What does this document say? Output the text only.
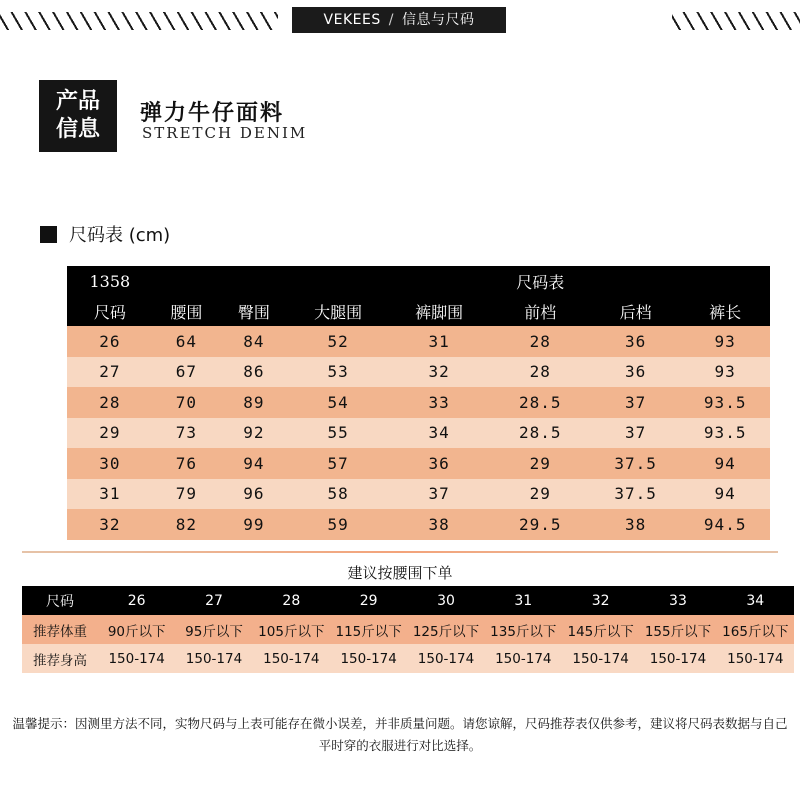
VEKEES / 信息与尺码
产品
信息
弹力牛仔面料
STRETCH DENIM
尺码表 (cm)
1358					尺码表		
尺码	腰围	臀围	大腿围	裤脚围	前档	后档	裤长
26	64	84	52	31	28	36	93
27	67	86	53	32	28	36	93
28	70	89	54	33	28.5	37	93.5
29	73	92	55	34	28.5	37	93.5
30	76	94	57	36	29	37.5	94
31	79	96	58	37	29	37.5	94
32	82	99	59	38	29.5	38	94.5
建议按腰围下单
尺码	26	27	28	29	30	31	32	33	34
推荐体重	90斤以下	95斤以下	105斤以下	115斤以下	125斤以下	135斤以下	145斤以下	155斤以下	165斤以下
推荐身高	150-174	150-174	150-174	150-174	150-174	150-174	150-174	150-174	150-174
温馨提示：因测里方法不同，实物尺码与上表可能存在微小误差，并非质量问题。请您谅解，尺码推荐表仅供参考，建议将尺码表数据与自己
平时穿的衣服进行对比选择。
